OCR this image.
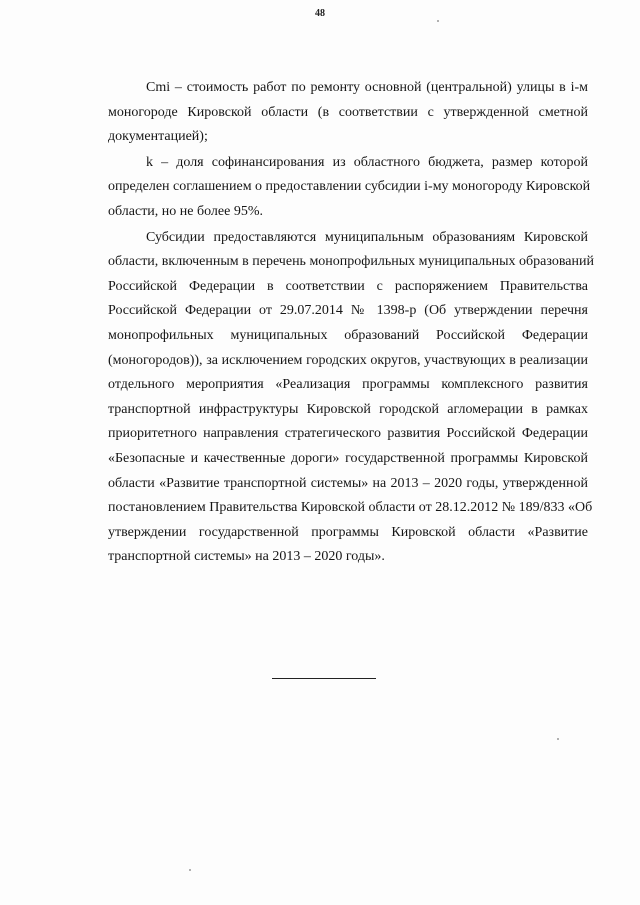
48

Cmi – стоимость работ по ремонту основной (центральной) улицы в i-м
моногороде Кировской области (в соответствии с утвержденной сметной
документацией);

k – доля софинансирования из областного бюджета, размер которой
определен соглашением о предоставлении субсидии i-му моногороду Кировской
области, но не более 95%.

Субсидии предоставляются муниципальным образованиям Кировской
области, включенным в перечень монопрофильных муниципальных образований
Российской Федерации в соответствии с распоряжением Правительства
Российской Федерации от 29.07.2014 № 1398-р (Об утверждении перечня
монопрофильных муниципальных образований Российской Федерации
(моногородов)), за исключением городских округов, участвующих в реализации
отдельного мероприятия «Реализация программы комплексного развития
транспортной инфраструктуры Кировской городской агломерации в рамках
приоритетного направления стратегического развития Российской Федерации
«Безопасные и качественные дороги» государственной программы Кировской
области «Развитие транспортной системы» на 2013 – 2020 годы, утвержденной
постановлением Правительства Кировской области от 28.12.2012 № 189/833 «Об
утверждении государственной программы Кировской области «Развитие
транспортной системы» на 2013 – 2020 годы».
